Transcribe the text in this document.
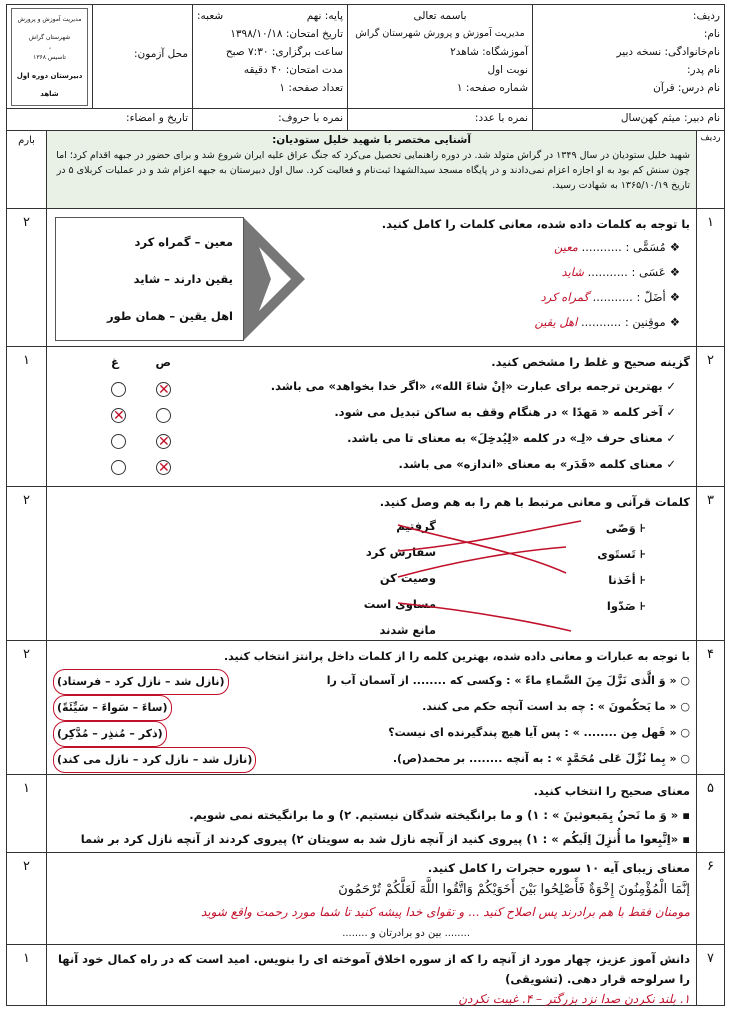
ردیف:
نام:
نام‌خانوادگی: نسخه دبیر
نام پدر:
نام درس: قرآن
باسمه تعالی
مدیریت آموزش و پرورش شهرستان گراش
آموزشگاه: شاهد۲
نوبت اول
شماره صفحه: ۱
پایه: نهم
شعبه:
تاریخ امتحان: ۱۳۹۸/۱۰/۱۸
ساعت برگزاری: ۷:۳۰ صبح
مدت امتحان: ۴۰ دقیقه
تعداد صفحه: ۱
محل آزمون:
مدیریت آموزش و پرورش شهرستان گراش
تاسیس ۱۳۶۸
دبیرستان دوره اول شاهد
نام دبیر: میثم کهن‌سال
نمره با عدد:
نمره با حروف:
تاریخ و امضاء:
ردیف
آشنایی مختصر با شهید خلیل ستودیان:
شهید خلیل ستودیان در سال ۱۳۴۹ در گراش متولد شد. در دوره راهنمایی تحصیل می‌کرد که جنگ عراق علیه ایران شروع شد و برای حضور در جبهه اقدام کرد؛ اما چون سنش کم بود به او اجازه اعزام نمی‌دادند و در پایگاه مسجد سیدالشهدا ثبت‌نام و فعالیت کرد. سال اول دبیرستان به جبهه اعزام شد و در عملیات کربلای ۵ در تاریخ ۱۳۶۵/۱۰/۱۹ به شهادت رسید.
بارم
۱
با توجه به کلمات داده شده، معانی کلمات را کامل کنید.
❖مُسَمًّی : ........... معین
❖عَسَی : ........... شاید
❖أضَلّ : ........... گمراه کرد
❖موقِنین : ........... اهل یقین
معین – گمراه کرد
یقین دارند – شاید
اهل یقین – همان طور
۲
۲
گزینه صحیح و غلط را مشخص کنید.
✓ بهترین ترجمه برای عبارت «إنْ شاءَ الله»، «اگر خدا بخواهد» می باشد.
✓ آخر کلمه « مَهدًا » در هنگام وقف به ساکن تبدیل می شود.
✓ معنای حرف «لِـ» در کلمه «لِیُدخِلَ» به معنای تا می باشد.
✓ معنای کلمه «قَدَر» به معنای «اندازه» می باشد.
ص
غ
✕
✕
✕
✕
۱
۳
کلمات قرآنی و معانی مرتبط با هم را به هم وصل کنید.
⫞ وَصّی
⫞ تَستَوی
⫞ أخَذنا
⫞ صَدّوا
گرفتیم
سفارش کرد
وصیت کن
مساوی است
مانع شدند
۲
۴
با توجه به عبارات و معانی داده شده، بهترین کلمه را از کلمات داخل پرانتز انتخاب کنید.
○ « وَ الَّذی نَزَّلَ مِنَ السَّماءِ ماءً » : وکسی که ........ از آسمان آب را
(نازل شد – نازل کرد – فرستاد)
○ « ما یَحکُمونَ » : چه بد است آنچه حکم می کنند.
(ساءَ – سَواءَ – سَیِّئَةً)
○ « فَهل مِن ........ » : پس آیا هیچ پندگیرنده ای نیست؟
(ذکر – مُنذِر – مُدَّکِر)
○ « بِما نُزِّلَ عَلی مُحَمَّدٍ » : به آنچه ........ بر محمد(ص).
(نازل شد – نازل کرد – نازل می کند)
۲
۵
معنای صحیح را انتخاب کنید.
▪ « وَ ما نَحنُ بِمَبعوثینَ » : ۱) و ما برانگیخته شدگان نیستیم. ۲) و ما برانگیخته نمی شویم.
▪ «اِتَّبِعوا ما أُنزِلَ اِلَیکُم » : ۱) پیروی کنید از آنچه نازل شد به سویتان ۲) پیروی کردند از آنچه نازل کرد بر شما
۱
۶
معنای زیبای آیه ۱۰ سوره حجرات را کامل کنید.
إنَّمَا الْمُؤْمِنُونَ إِخْوَةٌ فَأَصْلِحُوا بَيْنَ أَخَوَيْكُمْ وَاتَّقُوا اللَّهَ لَعَلَّكُمْ تُرْحَمُونَ
مومنان فقط با هم برادرند پس اصلاح کنید ... و تقوای خدا پیشه کنید تا شما مورد رحمت واقع شوید
........ بین دو برادرتان و ........
۲
۷
دانش آموز عزیز، چهار مورد از آنچه را که از سوره اخلاق آموخته ای را بنویس. امید است که در راه کمال خود آنها را سرلوحه قرار دهی. (تشویقی)
۱. بلند نکردن صدا نزد بزرگتر – ۴. غیبت نکردن
۱
